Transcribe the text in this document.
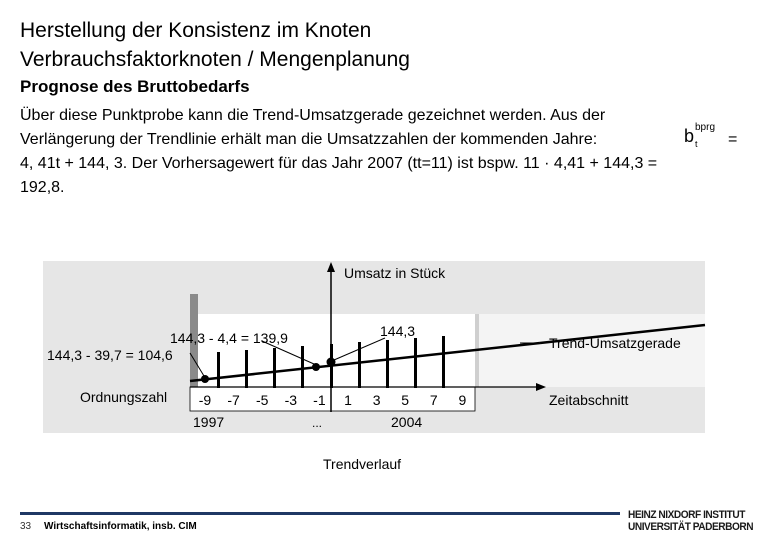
Herstellung der Konsistenz im Knoten
Verbrauchsfaktorknoten / Mengenplanung
Prognose des Bruttobedarfs
Über diese Punktprobe kann die Trend-Umsatzgerade gezeichnet werden. Aus der
Verlängerung der Trendlinie erhält man die Umsatzzahlen der kommenden Jahre:	=
4, 41t + 144, 3. Der Vorhersagewert für das Jahr 2007 (tt=11) ist bspw. 11 · 4,41 + 144,3 =
192,8.
b bprg
t
Umsatz in Stück
144,3 - 4,4 = 139,9	144,3
144,3 - 39,7 = 104,6
Trend-Umsatzgerade
Ordnungszahl	Zeitabschnitt
-9 -7 -5 -3 -1 1 3 5 7 9
1997	...	2004
Trendverlauf
33 Wirtschaftsinformatik, insb. CIM
HEINZ NIXDORF INSTITUT
UNIVERSITÄT PADERBORN
